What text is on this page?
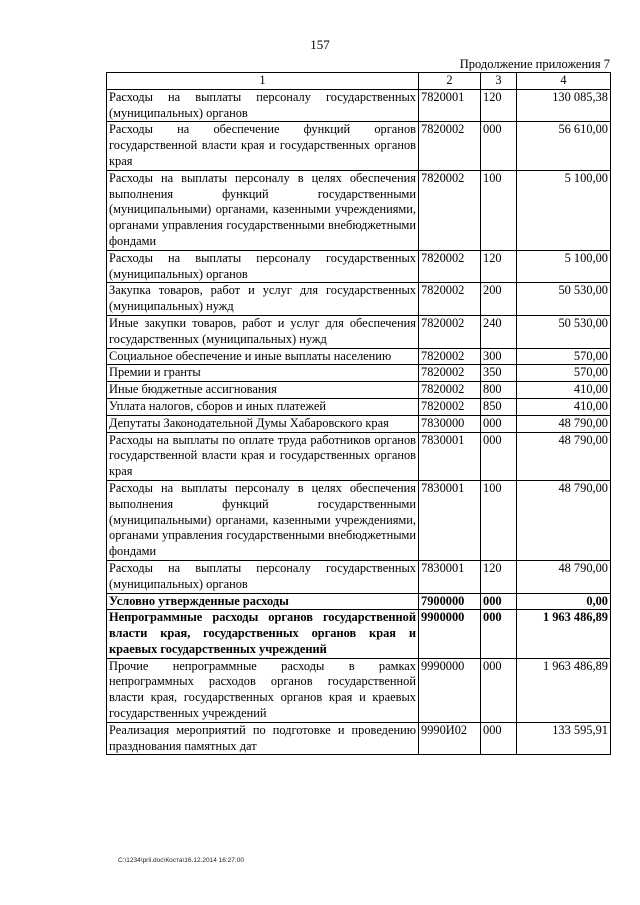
157
Продолжение приложения 7
1	2	3	4
Расходы на выплаты персоналу государственных (муниципальных) органов	7820001	120	130 085,38
Расходы на обеспечение функций органов государственной власти края и государственных органов края	7820002	000	56 610,00
Расходы на выплаты персоналу в целях обеспечения выполнения функций государственными (муниципальными) органами, казенными учреждениями, органами управления государственными внебюджетными фондами	7820002	100	5 100,00
Расходы на выплаты персоналу государственных (муниципальных) органов	7820002	120	5 100,00
Закупка товаров, работ и услуг для государственных (муниципальных) нужд	7820002	200	50 530,00
Иные закупки товаров, работ и услуг для обеспечения государственных (муниципальных) нужд	7820002	240	50 530,00
Социальное обеспечение и иные выплаты населению	7820002	300	570,00
Премии и гранты	7820002	350	570,00
Иные бюджетные ассигнования	7820002	800	410,00
Уплата налогов, сборов и иных платежей	7820002	850	410,00
Депутаты Законодательной Думы Хабаровского края	7830000	000	48 790,00
Расходы на выплаты по оплате труда работников органов государственной власти края и государственных органов края	7830001	000	48 790,00
Расходы на выплаты персоналу в целях обеспечения выполнения функций государственными (муниципальными) органами, казенными учреждениями, органами управления государственными внебюджетными фондами	7830001	100	48 790,00
Расходы на выплаты персоналу государственных (муниципальных) органов	7830001	120	48 790,00
Условно утвержденные расходы	7900000	000	0,00
Непрограммные расходы органов государственной власти края, государственных органов края и краевых государственных учреждений	9900000	000	1 963 486,89
Прочие непрограммные расходы в рамках непрограммных расходов органов государственной власти края, государственных органов края и краевых государственных учреждений	9990000	000	1 963 486,89
Реализация мероприятий по подготовке и проведению празднования памятных дат	9990И02	000	133 595,91
C:\1234\pril.doc\Коста\16.12.2014 16:27:00
